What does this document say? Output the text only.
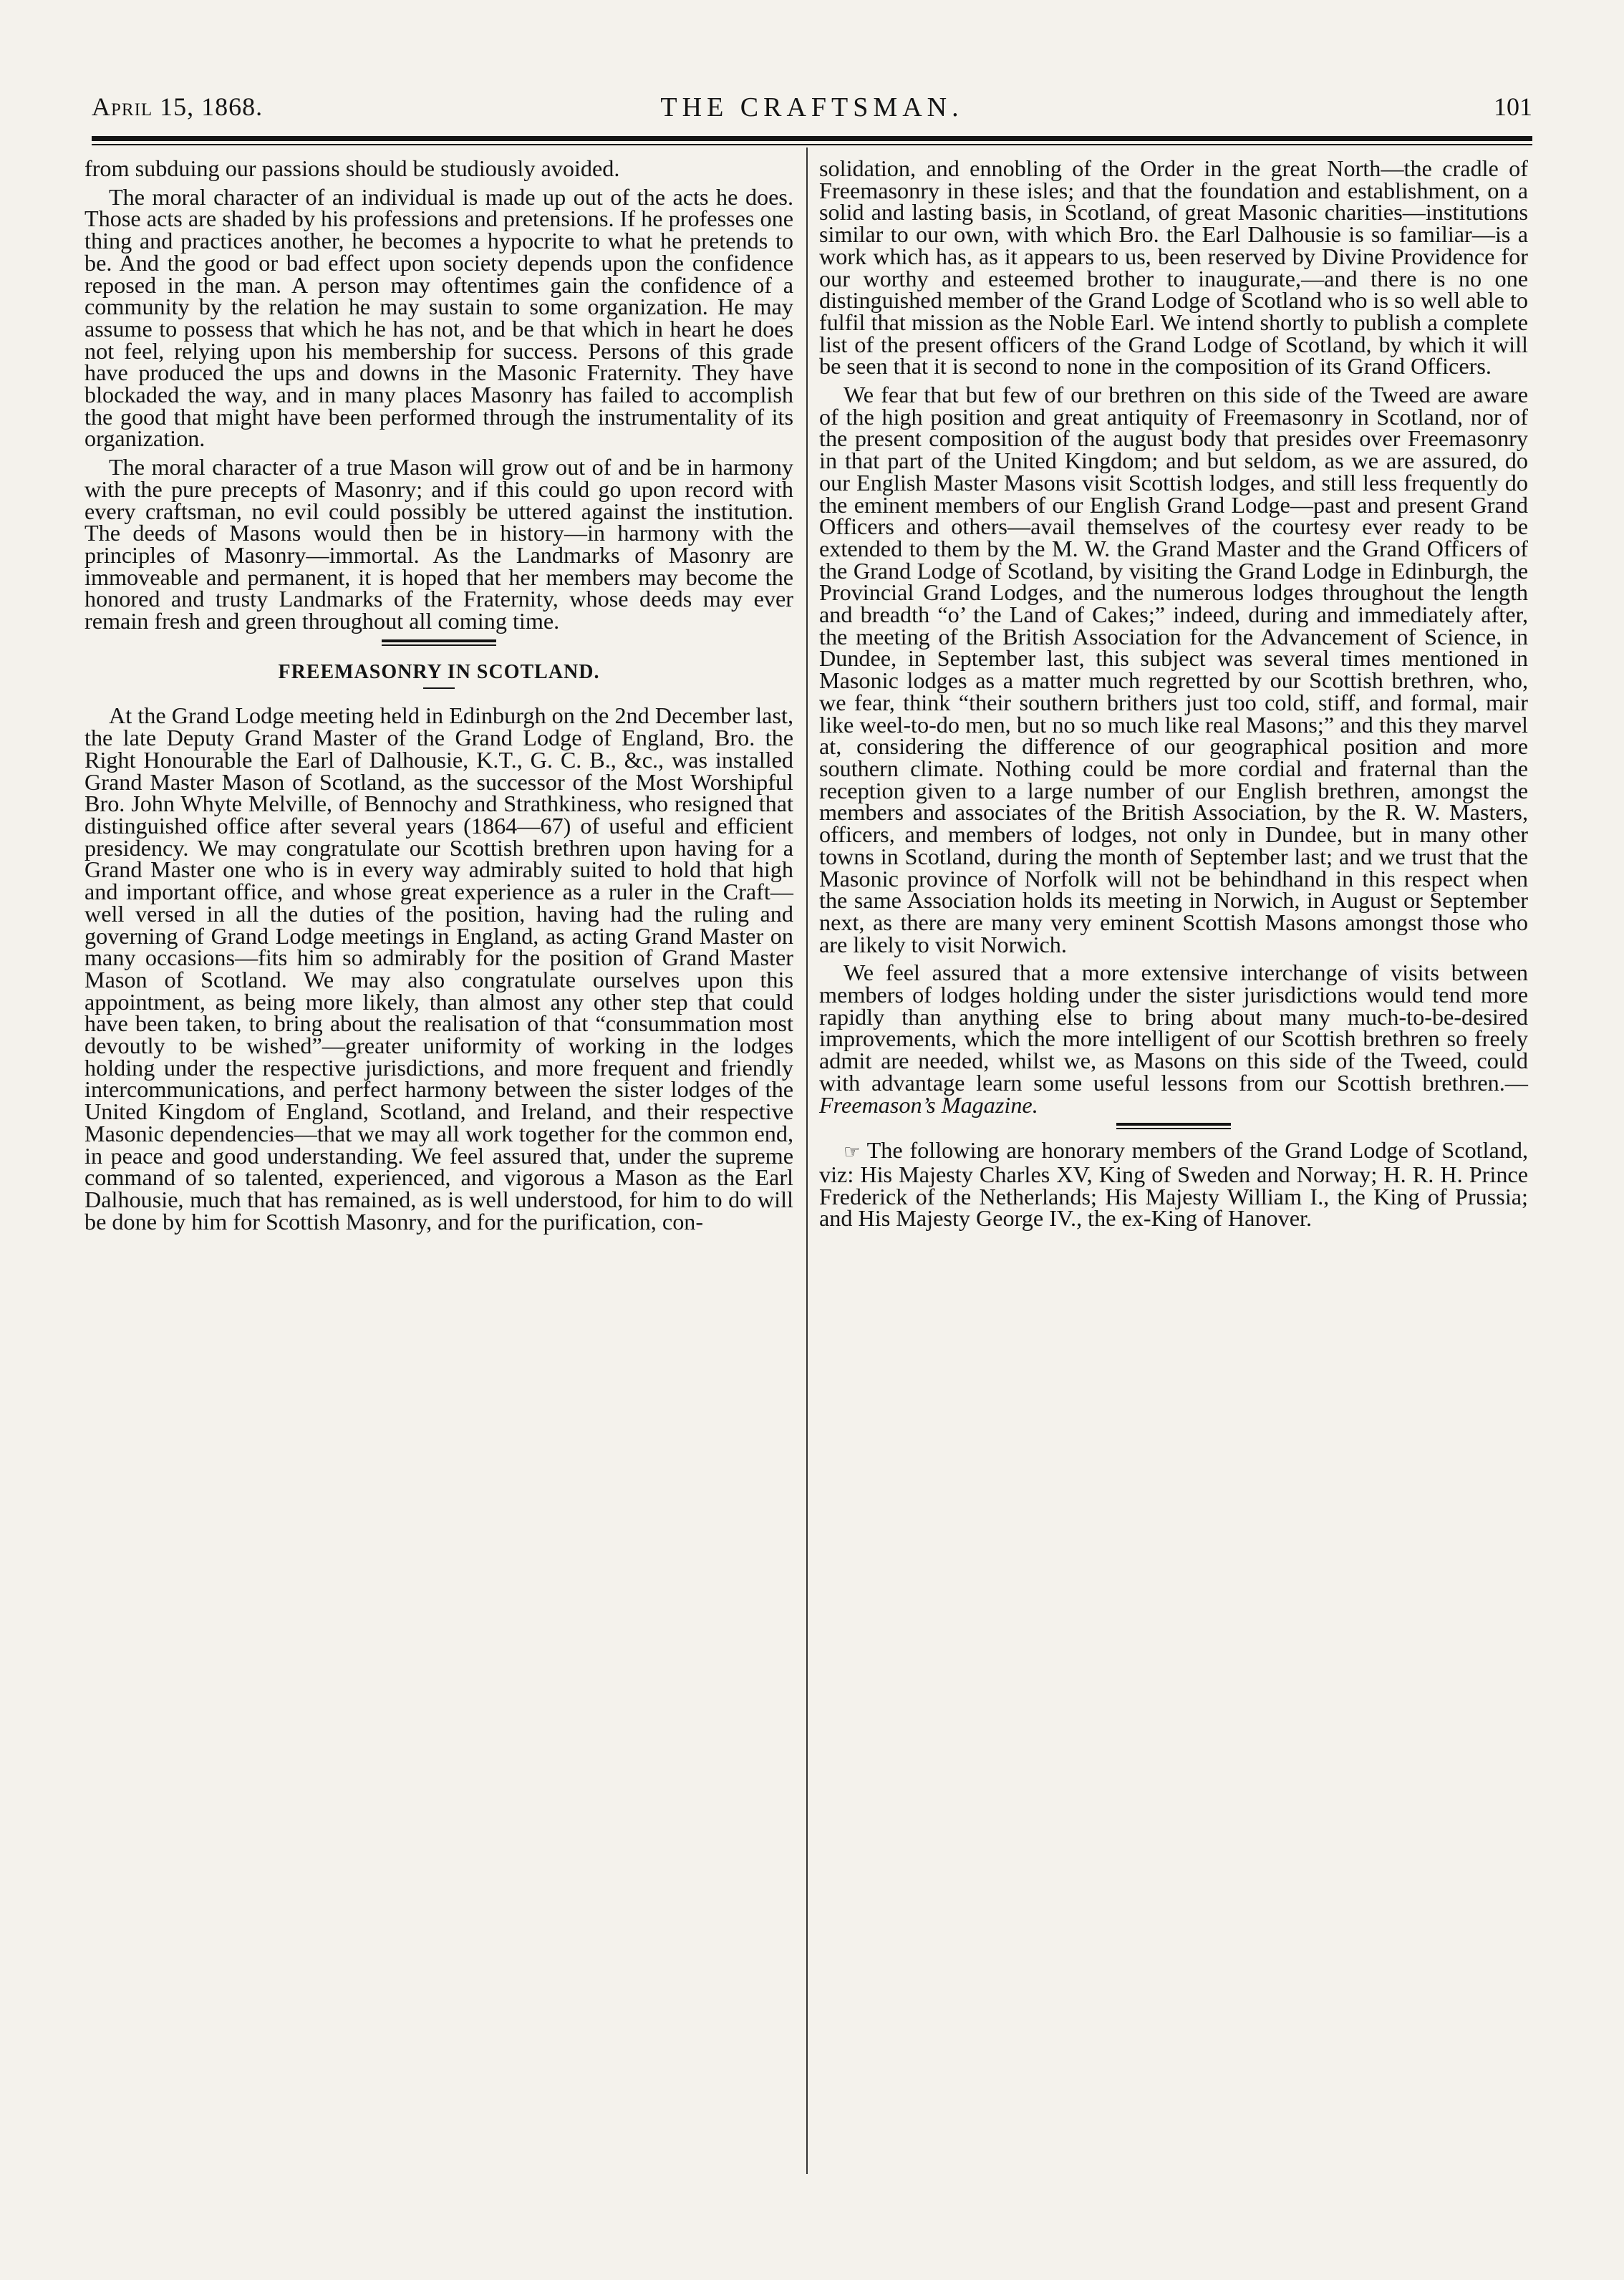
April 15, 1868.	THE CRAFTSMAN.	101

from subduing our passions should be studiously avoided.

The moral character of an individual is made up out of the acts he does. Those acts are shaded by his professions and pretensions. If he professes one thing and practices another, he becomes a hypocrite to what he pretends to be. And the good or bad effect upon society depends upon the confidence reposed in the man. A person may oftentimes gain the confidence of a community by the relation he may sustain to some organization. He may assume to possess that which he has not, and be that which in heart he does not feel, relying upon his membership for success. Persons of this grade have produced the ups and downs in the Masonic Fraternity. They have blockaded the way, and in many places Masonry has failed to accomplish the good that might have been performed through the instrumentality of its organization.

The moral character of a true Mason will grow out of and be in harmony with the pure precepts of Masonry; and if this could go upon record with every craftsman, no evil could possibly be uttered against the institution. The deeds of Masons would then be in history—in harmony with the principles of Masonry—immortal. As the Landmarks of Masonry are immoveable and permanent, it is hoped that her members may become the honored and trusty Landmarks of the Fraternity, whose deeds may ever remain fresh and green throughout all coming time.

FREEMASONRY IN SCOTLAND.

At the Grand Lodge meeting held in Edinburgh on the 2nd December last, the late Deputy Grand Master of the Grand Lodge of England, Bro. the Right Honourable the Earl of Dalhousie, K.T., G. C. B., &c., was installed Grand Master Mason of Scotland, as the successor of the Most Worshipful Bro. John Whyte Melville, of Bennochy and Strathkiness, who resigned that distinguished office after several years (1864—67) of useful and efficient presidency. We may congratulate our Scottish brethren upon having for a Grand Master one who is in every way admirably suited to hold that high and important office, and whose great experience as a ruler in the Craft—well versed in all the duties of the position, having had the ruling and governing of Grand Lodge meetings in England, as acting Grand Master on many occasions—fits him so admirably for the position of Grand Master Mason of Scotland. We may also congratulate ourselves upon this appointment, as being more likely, than almost any other step that could have been taken, to bring about the realisation of that “consummation most devoutly to be wished”—greater uniformity of working in the lodges holding under the respective jurisdictions, and more frequent and friendly intercommunications, and perfect harmony between the sister lodges of the United Kingdom of England, Scotland, and Ireland, and their respective Masonic dependencies—that we may all work together for the common end, in peace and good understanding. We feel assured that, under the supreme command of so talented, experienced, and vigorous a Mason as the Earl Dalhousie, much that has remained, as is well understood, for him to do will be done by him for Scottish Masonry, and for the purification, con-

solidation, and ennobling of the Order in the great North—the cradle of Freemasonry in these isles; and that the foundation and establishment, on a solid and lasting basis, in Scotland, of great Masonic charities—institutions similar to our own, with which Bro. the Earl Dalhousie is so familiar—is a work which has, as it appears to us, been reserved by Divine Providence for our worthy and esteemed brother to inaugurate,—and there is no one distinguished member of the Grand Lodge of Scotland who is so well able to fulfil that mission as the Noble Earl. We intend shortly to publish a complete list of the present officers of the Grand Lodge of Scotland, by which it will be seen that it is second to none in the composition of its Grand Officers.

We fear that but few of our brethren on this side of the Tweed are aware of the high position and great antiquity of Freemasonry in Scotland, nor of the present composition of the august body that presides over Freemasonry in that part of the United Kingdom; and but seldom, as we are assured, do our English Master Masons visit Scottish lodges, and still less frequently do the eminent members of our English Grand Lodge—past and present Grand Officers and others—avail themselves of the courtesy ever ready to be extended to them by the M. W. the Grand Master and the Grand Officers of the Grand Lodge of Scotland, by visiting the Grand Lodge in Edinburgh, the Provincial Grand Lodges, and the numerous lodges throughout the length and breadth “o’ the Land of Cakes;” indeed, during and immediately after, the meeting of the British Association for the Advancement of Science, in Dundee, in September last, this subject was several times mentioned in Masonic lodges as a matter much regretted by our Scottish brethren, who, we fear, think “their southern brithers just too cold, stiff, and formal, mair like weel-to-do men, but no so much like real Masons;” and this they marvel at, considering the difference of our geographical position and more southern climate. Nothing could be more cordial and fraternal than the reception given to a large number of our English brethren, amongst the members and associates of the British Association, by the R. W. Masters, officers, and members of lodges, not only in Dundee, but in many other towns in Scotland, during the month of September last; and we trust that the Masonic province of Norfolk will not be behindhand in this respect when the same Association holds its meeting in Norwich, in August or September next, as there are many very eminent Scottish Masons amongst those who are likely to visit Norwich.

We feel assured that a more extensive interchange of visits between members of lodges holding under the sister jurisdictions would tend more rapidly than anything else to bring about many much-to-be-desired improvements, which the more intelligent of our Scottish brethren so freely admit are needed, whilst we, as Masons on this side of the Tweed, could with advantage learn some useful lessons from our Scottish brethren.—Freemason’s Magazine.

☞ The following are honorary members of the Grand Lodge of Scotland, viz: His Majesty Charles XV, King of Sweden and Norway; H. R. H. Prince Frederick of the Netherlands; His Majesty William I., the King of Prussia; and His Majesty George IV., the ex-King of Hanover.
